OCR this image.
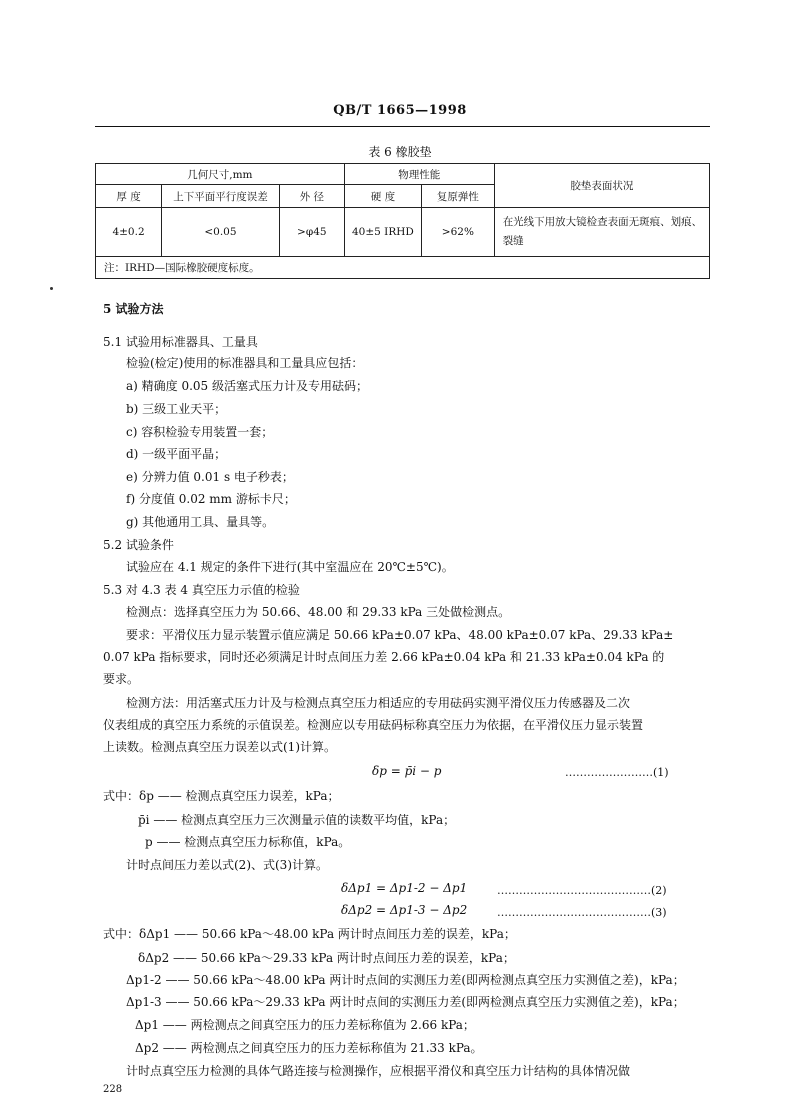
QB/T 1665—1998
表 6 橡胶垫
几何尺寸,mm			物理性能		胶垫表面状况
厚 度	上下平面平行度误差	外 径	硬 度	复原弹性	
4±0.2	<0.05	>φ45	40±5 IRHD	>62%	在光线下用放大镜检查表面无斑痕、划痕、裂缝
注：IRHD—国际橡胶硬度标度。					
5 试验方法
5.1 试验用标准器具、工量具
检验(检定)使用的标准器具和工量具应包括：
a) 精确度 0.05 级活塞式压力计及专用砝码；
b) 三级工业天平；
c) 容积检验专用装置一套；
d) 一级平面平晶；
e) 分辨力值 0.01 s 电子秒表；
f) 分度值 0.02 mm 游标卡尺；
g) 其他通用工具、量具等。
5.2 试验条件
试验应在 4.1 规定的条件下进行(其中室温应在 20℃±5℃)。
5.3 对 4.3 表 4 真空压力示值的检验
检测点：选择真空压力为 50.66、48.00 和 29.33 kPa 三处做检测点。
要求：平滑仪压力显示装置示值应满足 50.66 kPa±0.07 kPa、48.00 kPa±0.07 kPa、29.33 kPa±
0.07 kPa 指标要求，同时还必须满足计时点间压力差 2.66 kPa±0.04 kPa 和 21.33 kPa±0.04 kPa 的
要求。
检测方法：用活塞式压力计及与检测点真空压力相适应的专用砝码实测平滑仪压力传感器及二次
仪表组成的真空压力系统的示值误差。检测应以专用砝码标称真空压力为依据，在平滑仪压力显示装置
上读数。检测点真空压力误差以式(1)计算。
δp = p̄i − p	……………………(1)
式中：δp —— 检测点真空压力误差，kPa；
p̄i —— 检测点真空压力三次测量示值的读数平均值，kPa；
p —— 检测点真空压力标称值，kPa。
计时点间压力差以式(2)、式(3)计算。
δΔp1 = Δp1-2 − Δp1	……………………………………(2)
δΔp2 = Δp1-3 − Δp2	……………………………………(3)
式中：δΔp1 —— 50.66 kPa～48.00 kPa 两计时点间压力差的误差，kPa；
δΔp2 —— 50.66 kPa～29.33 kPa 两计时点间压力差的误差，kPa；
Δp1-2 —— 50.66 kPa～48.00 kPa 两计时点间的实测压力差(即两检测点真空压力实测值之差)，kPa；
Δp1-3 —— 50.66 kPa～29.33 kPa 两计时点间的实测压力差(即两检测点真空压力实测值之差)，kPa；
Δp1 —— 两检测点之间真空压力的压力差标称值为 2.66 kPa；
Δp2 —— 两检测点之间真空压力的压力差标称值为 21.33 kPa。
计时点真空压力检测的具体气路连接与检测操作，应根据平滑仪和真空压力计结构的具体情况做
228
